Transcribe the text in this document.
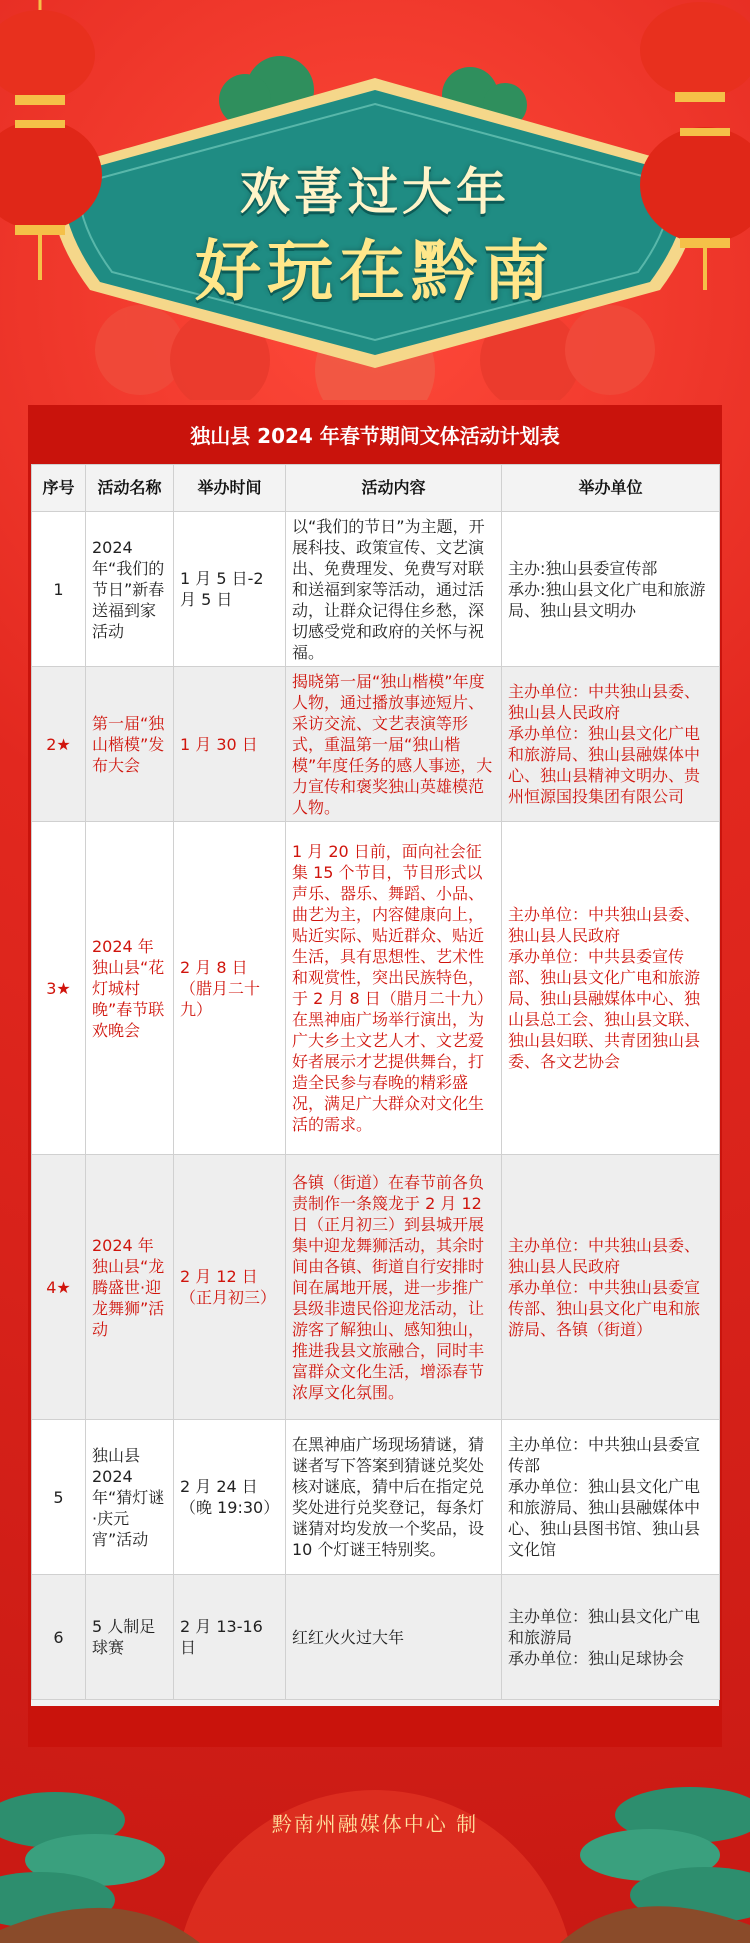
欢喜过大年
好玩在黔南
独山县 2024 年春节期间文体活动计划表
序号	活动名称	举办时间	活动内容	举办单位
1	2024 年“我们的节日”新春送福到家活动	1 月 5 日-2 月 5 日	以“我们的节日”为主题，开展科技、政策宣传、文艺演出、免费理发、免费写对联和送福到家等活动，通过活动，让群众记得住乡愁，深切感受党和政府的关怀与祝福。	主办:独山县委宣传部
承办:独山县文化广电和旅游局、独山县文明办
2★	第一届“独山楷模”发布大会	1 月 30 日	揭晓第一届“独山楷模”年度人物，通过播放事迹短片、采访交流、文艺表演等形式，重温第一届“独山楷模”年度任务的感人事迹，大力宣传和褒奖独山英雄模范人物。	主办单位：中共独山县委、独山县人民政府
承办单位：独山县文化广电和旅游局、独山县融媒体中心、独山县精神文明办、贵州恒源国投集团有限公司
3★	2024 年独山县“花灯城村晚”春节联欢晚会	2 月 8 日（腊月二十九）	1 月 20 日前，面向社会征集 15 个节目，节目形式以声乐、器乐、舞蹈、小品、曲艺为主，内容健康向上，贴近实际、贴近群众、贴近生活，具有思想性、艺术性和观赏性，突出民族特色，于 2 月 8 日（腊月二十九）在黑神庙广场举行演出，为广大乡土文艺人才、文艺爱好者展示才艺提供舞台，打造全民参与春晚的精彩盛况，满足广大群众对文化生活的需求。	主办单位：中共独山县委、独山县人民政府
承办单位：中共县委宣传部、独山县文化广电和旅游局、独山县融媒体中心、独山县总工会、独山县文联、独山县妇联、共青团独山县委、各文艺协会
4★	2024 年独山县“龙腾盛世·迎龙舞狮”活动	2 月 12 日（正月初三）	各镇（街道）在春节前各负责制作一条篾龙于 2 月 12 日（正月初三）到县城开展集中迎龙舞狮活动，其余时间由各镇、街道自行安排时间在属地开展，进一步推广县级非遗民俗迎龙活动，让游客了解独山、感知独山，推进我县文旅融合，同时丰富群众文化生活，增添春节浓厚文化氛围。	主办单位：中共独山县委、独山县人民政府
承办单位：中共独山县委宣传部、独山县文化广电和旅游局、各镇（街道）
5	独山县 2024 年“猜灯谜·庆元宵”活动	2 月 24 日（晚 19:30）	在黑神庙广场现场猜谜，猜谜者写下答案到猜谜兑奖处核对谜底，猜中后在指定兑奖处进行兑奖登记，每条灯谜猜对均发放一个奖品，设 10 个灯谜王特别奖。	主办单位：中共独山县委宣传部
承办单位：独山县文化广电和旅游局、独山县融媒体中心、独山县图书馆、独山县文化馆
6	5 人制足球赛	2 月 13-16 日	红红火火过大年	主办单位：独山县文化广电和旅游局
承办单位：独山足球协会
黔南州融媒体中心 制
